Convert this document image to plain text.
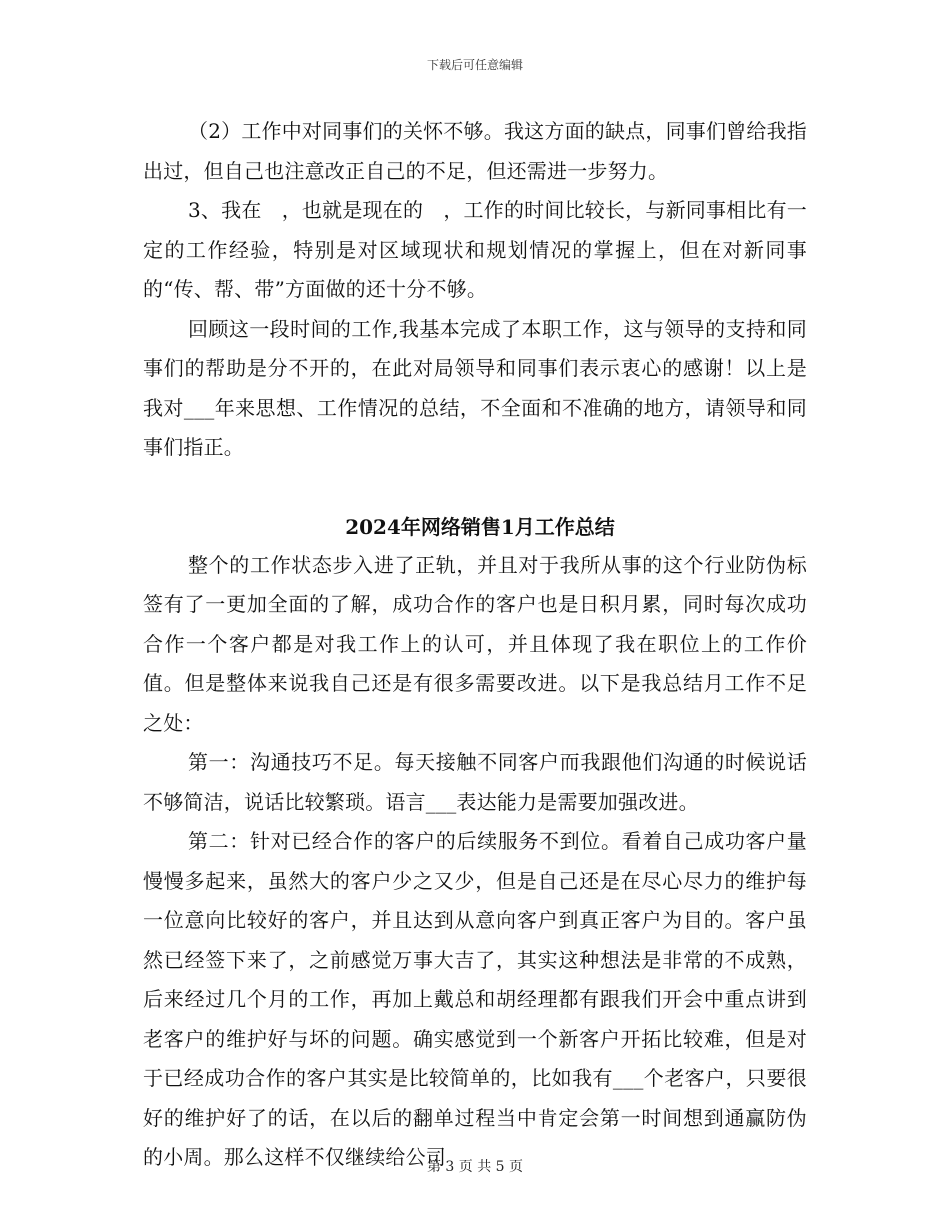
下载后可任意编辑

（2）工作中对同事们的关怀不够。我这方面的缺点，同事们曾给我指出过，但自己也注意改正自己的不足，但还需进一步努力。

3、我在　，也就是现在的　，工作的时间比较长，与新同事相比有一定的工作经验，特别是对区域现状和规划情况的掌握上，但在对新同事的“传、帮、带”方面做的还十分不够。

回顾这一段时间的工作,我基本完成了本职工作，这与领导的支持和同事们的帮助是分不开的，在此对局领导和同事们表示衷心的感谢！以上是我对___年来思想、工作情况的总结，不全面和不准确的地方，请领导和同事们指正。

2024年网络销售1月工作总结

整个的工作状态步入进了正轨，并且对于我所从事的这个行业防伪标签有了一更加全面的了解，成功合作的客户也是日积月累，同时每次成功合作一个客户都是对我工作上的认可，并且体现了我在职位上的工作价值。但是整体来说我自己还是有很多需要改进。以下是我总结月工作不足之处：

第一：沟通技巧不足。每天接触不同客户而我跟他们沟通的时候说话不够简洁，说话比较繁琐。语言___表达能力是需要加强改进。

第二：针对已经合作的客户的后续服务不到位。看着自己成功客户量慢慢多起来，虽然大的客户少之又少，但是自己还是在尽心尽力的维护每一位意向比较好的客户，并且达到从意向客户到真正客户为目的。客户虽然已经签下来了，之前感觉万事大吉了，其实这种想法是非常的不成熟，后来经过几个月的工作，再加上戴总和胡经理都有跟我们开会中重点讲到老客户的维护好与坏的问题。确实感觉到一个新客户开拓比较难，但是对于已经成功合作的客户其实是比较简单的，比如我有___个老客户，只要很好的维护好了的话，在以后的翻单过程当中肯定会第一时间想到通赢防伪的小周。那么这样不仅继续给公司

第 3 页 共 5 页
